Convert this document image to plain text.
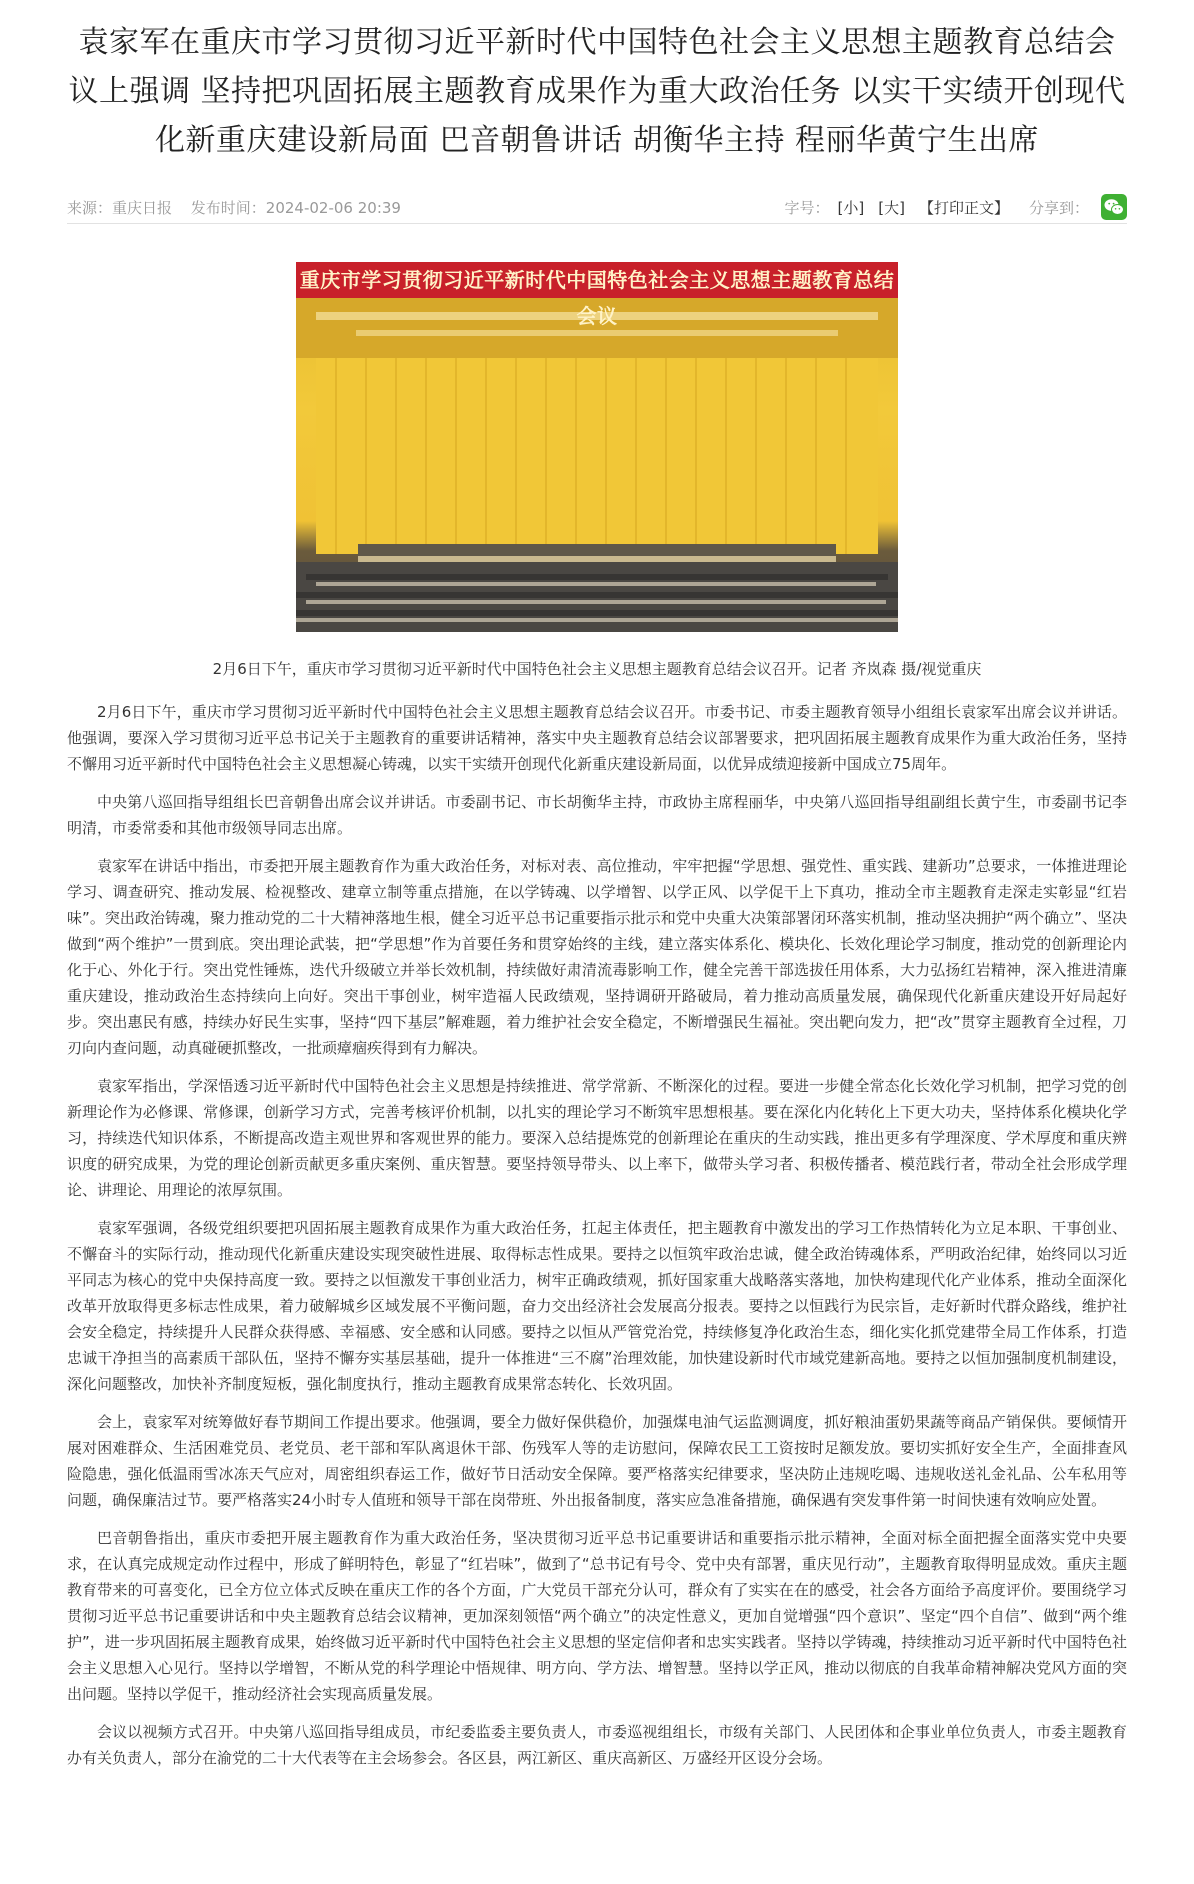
袁家军在重庆市学习贯彻习近平新时代中国特色社会主义思想主题教育总结会议上强调 坚持把巩固拓展主题教育成果作为重大政治任务 以实干实绩开创现代化新重庆建设新局面 巴音朝鲁讲话 胡衡华主持 程丽华黄宁生出席
来源：重庆日报 发布时间：2024-02-06 20:39	字号： [小] [大] 【打印正文】 分享到：
重庆市学习贯彻习近平新时代中国特色社会主义思想主题教育总结会议
2月6日下午，重庆市学习贯彻习近平新时代中国特色社会主义思想主题教育总结会议召开。记者 齐岚森 摄/视觉重庆

2月6日下午，重庆市学习贯彻习近平新时代中国特色社会主义思想主题教育总结会议召开。市委书记、市委主题教育领导小组组长袁家军出席会议并讲话。他强调，要深入学习贯彻习近平总书记关于主题教育的重要讲话精神，落实中央主题教育总结会议部署要求，把巩固拓展主题教育成果作为重大政治任务，坚持不懈用习近平新时代中国特色社会主义思想凝心铸魂，以实干实绩开创现代化新重庆建设新局面，以优异成绩迎接新中国成立75周年。

中央第八巡回指导组组长巴音朝鲁出席会议并讲话。市委副书记、市长胡衡华主持，市政协主席程丽华，中央第八巡回指导组副组长黄宁生，市委副书记李明清，市委常委和其他市级领导同志出席。

袁家军在讲话中指出，市委把开展主题教育作为重大政治任务，对标对表、高位推动，牢牢把握“学思想、强党性、重实践、建新功”总要求，一体推进理论学习、调查研究、推动发展、检视整改、建章立制等重点措施，在以学铸魂、以学增智、以学正风、以学促干上下真功，推动全市主题教育走深走实彰显“红岩味”。突出政治铸魂，聚力推动党的二十大精神落地生根，健全习近平总书记重要指示批示和党中央重大决策部署闭环落实机制，推动坚决拥护“两个确立”、坚决做到“两个维护”一贯到底。突出理论武装，把“学思想”作为首要任务和贯穿始终的主线，建立落实体系化、模块化、长效化理论学习制度，推动党的创新理论内化于心、外化于行。突出党性锤炼，迭代升级破立并举长效机制，持续做好肃清流毒影响工作，健全完善干部选拔任用体系，大力弘扬红岩精神，深入推进清廉重庆建设，推动政治生态持续向上向好。突出干事创业，树牢造福人民政绩观，坚持调研开路破局，着力推动高质量发展，确保现代化新重庆建设开好局起好步。突出惠民有感，持续办好民生实事，坚持“四下基层”解难题，着力维护社会安全稳定，不断增强民生福祉。突出靶向发力，把“改”贯穿主题教育全过程，刀刃向内查问题，动真碰硬抓整改，一批顽瘴痼疾得到有力解决。

袁家军指出，学深悟透习近平新时代中国特色社会主义思想是持续推进、常学常新、不断深化的过程。要进一步健全常态化长效化学习机制，把学习党的创新理论作为必修课、常修课，创新学习方式，完善考核评价机制，以扎实的理论学习不断筑牢思想根基。要在深化内化转化上下更大功夫，坚持体系化模块化学习，持续迭代知识体系，不断提高改造主观世界和客观世界的能力。要深入总结提炼党的创新理论在重庆的生动实践，推出更多有学理深度、学术厚度和重庆辨识度的研究成果，为党的理论创新贡献更多重庆案例、重庆智慧。要坚持领导带头、以上率下，做带头学习者、积极传播者、模范践行者，带动全社会形成学理论、讲理论、用理论的浓厚氛围。

袁家军强调，各级党组织要把巩固拓展主题教育成果作为重大政治任务，扛起主体责任，把主题教育中激发出的学习工作热情转化为立足本职、干事创业、不懈奋斗的实际行动，推动现代化新重庆建设实现突破性进展、取得标志性成果。要持之以恒筑牢政治忠诚，健全政治铸魂体系，严明政治纪律，始终同以习近平同志为核心的党中央保持高度一致。要持之以恒激发干事创业活力，树牢正确政绩观，抓好国家重大战略落实落地，加快构建现代化产业体系，推动全面深化改革开放取得更多标志性成果，着力破解城乡区域发展不平衡问题，奋力交出经济社会发展高分报表。要持之以恒践行为民宗旨，走好新时代群众路线，维护社会安全稳定，持续提升人民群众获得感、幸福感、安全感和认同感。要持之以恒从严管党治党，持续修复净化政治生态，细化实化抓党建带全局工作体系，打造忠诚干净担当的高素质干部队伍，坚持不懈夯实基层基础，提升一体推进“三不腐”治理效能，加快建设新时代市域党建新高地。要持之以恒加强制度机制建设，深化问题整改，加快补齐制度短板，强化制度执行，推动主题教育成果常态转化、长效巩固。

会上，袁家军对统筹做好春节期间工作提出要求。他强调，要全力做好保供稳价，加强煤电油气运监测调度，抓好粮油蛋奶果蔬等商品产销保供。要倾情开展对困难群众、生活困难党员、老党员、老干部和军队离退休干部、伤残军人等的走访慰问，保障农民工工资按时足额发放。要切实抓好安全生产，全面排查风险隐患，强化低温雨雪冰冻天气应对，周密组织春运工作，做好节日活动安全保障。要严格落实纪律要求，坚决防止违规吃喝、违规收送礼金礼品、公车私用等问题，确保廉洁过节。要严格落实24小时专人值班和领导干部在岗带班、外出报备制度，落实应急准备措施，确保遇有突发事件第一时间快速有效响应处置。

巴音朝鲁指出，重庆市委把开展主题教育作为重大政治任务，坚决贯彻习近平总书记重要讲话和重要指示批示精神，全面对标全面把握全面落实党中央要求，在认真完成规定动作过程中，形成了鲜明特色，彰显了“红岩味”，做到了“总书记有号令、党中央有部署，重庆见行动”，主题教育取得明显成效。重庆主题教育带来的可喜变化，已全方位立体式反映在重庆工作的各个方面，广大党员干部充分认可，群众有了实实在在的感受，社会各方面给予高度评价。要围绕学习贯彻习近平总书记重要讲话和中央主题教育总结会议精神，更加深刻领悟“两个确立”的决定性意义，更加自觉增强“四个意识”、坚定“四个自信”、做到“两个维护”，进一步巩固拓展主题教育成果，始终做习近平新时代中国特色社会主义思想的坚定信仰者和忠实实践者。坚持以学铸魂，持续推动习近平新时代中国特色社会主义思想入心见行。坚持以学增智，不断从党的科学理论中悟规律、明方向、学方法、增智慧。坚持以学正风，推动以彻底的自我革命精神解决党风方面的突出问题。坚持以学促干，推动经济社会实现高质量发展。

会议以视频方式召开。中央第八巡回指导组成员，市纪委监委主要负责人，市委巡视组组长，市级有关部门、人民团体和企事业单位负责人，市委主题教育办有关负责人，部分在渝党的二十大代表等在主会场参会。各区县，两江新区、重庆高新区、万盛经开区设分会场。
